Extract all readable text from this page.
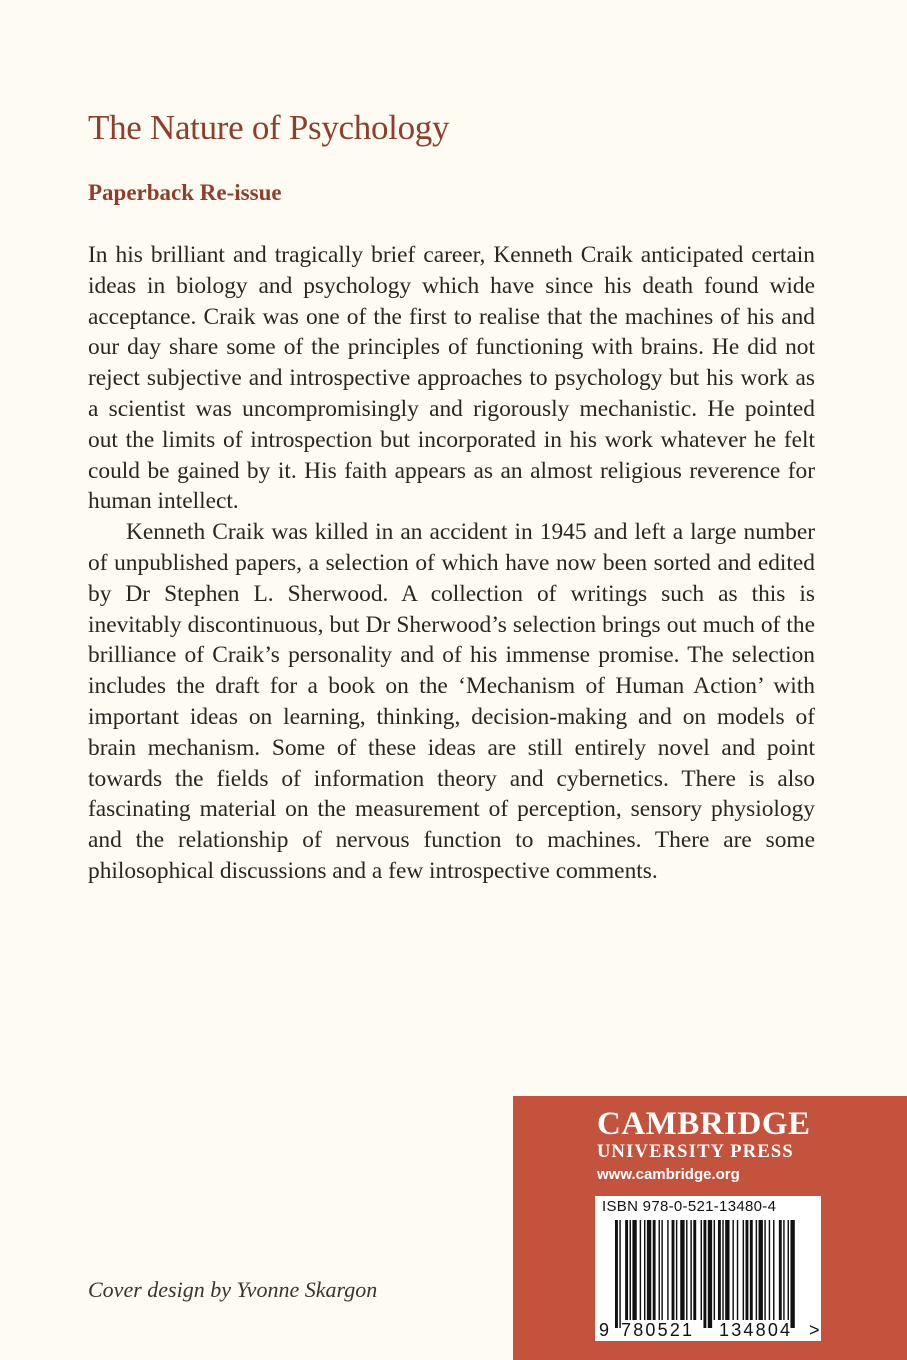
The Nature of Psychology
Paperback Re-issue

In his brilliant and tragically brief career, Kenneth Craik anticipated certain ideas in biology and psychology which have since his death found wide acceptance. Craik was one of the first to realise that the machines of his and our day share some of the principles of functioning with brains. He did not reject subjective and introspective approaches to psychology but his work as a scientist was uncompromisingly and rigorously mechanistic. He pointed out the limits of introspection but incorporated in his work whatever he felt could be gained by it. His faith appears as an almost religious reverence for human intellect.

Kenneth Craik was killed in an accident in 1945 and left a large number of unpublished papers, a selection of which have now been sorted and edited by Dr Stephen L. Sherwood. A collection of writings such as this is inevitably discontinuous, but Dr Sherwood’s selection brings out much of the brilliance of Craik’s personality and of his immense promise. The selection includes the draft for a book on the ‘Mechanism of Human Action’ with important ideas on learning, thinking, decision-making and on models of brain mechanism. Some of these ideas are still entirely novel and point towards the fields of information theory and cybernetics. There is also fascinating material on the measurement of perception, sensory physiology and the relationship of nervous function to machines. There are some philosophical discussions and a few introspective comments.

Cover design by Yvonne Skargon
CAMBRIDGE
UNIVERSITY PRESS
www.cambridge.org
ISBN 978-0-521-13480-4
9 780521	134804 >
